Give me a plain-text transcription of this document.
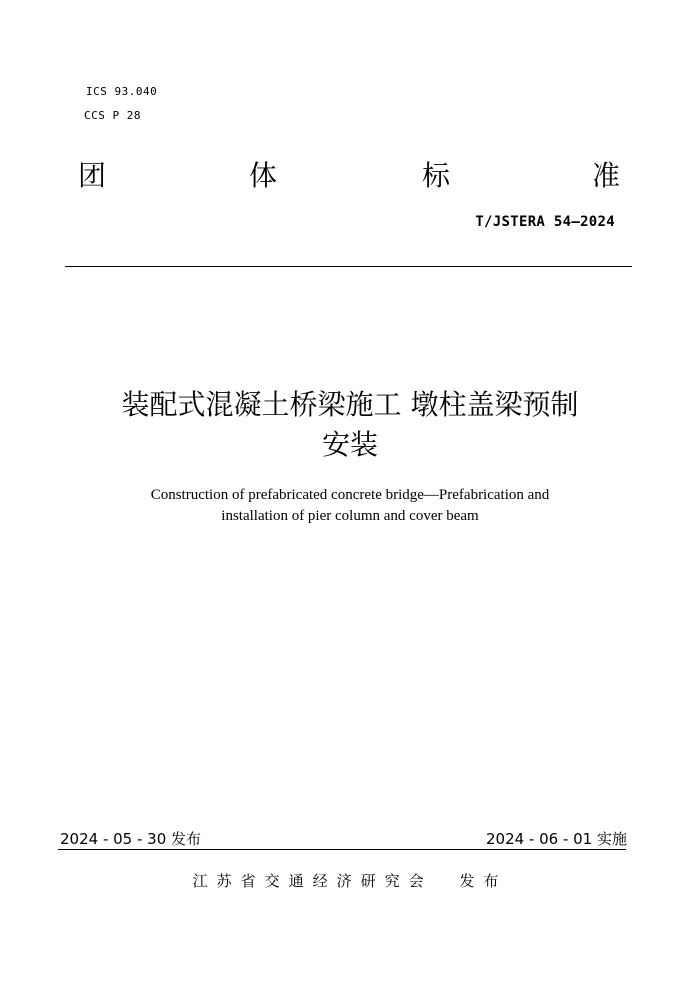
ICS 93.040
CCS P 28
团	体	标	准
T/JSTERA 54—2024
装配式混凝土桥梁施工 墩柱盖梁预制
安装
Construction of prefabricated concrete bridge—Prefabrication and
installation of pier column and cover beam
2024 - 05 - 30 发布	2024 - 06 - 01 实施
江苏省交通经济研究会 发布
